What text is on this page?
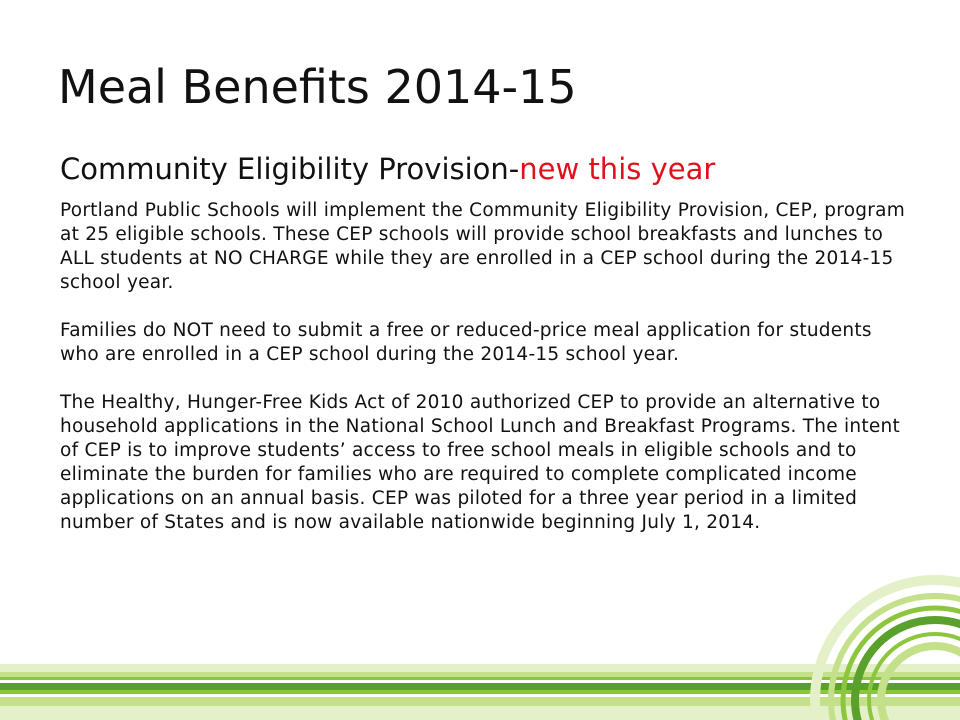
Meal Benefits 2014-15
Community Eligibility Provision-new this year

Portland Public Schools will implement the Community Eligibility Provision, CEP, program at 25 eligible schools. These CEP schools will provide school breakfasts and lunches to ALL students at NO CHARGE while they are enrolled in a CEP school during the 2014-15 school year.

Families do NOT need to submit a free or reduced-price meal application for students who are enrolled in a CEP school during the 2014-15 school year.

The Healthy, Hunger-Free Kids Act of 2010 authorized CEP to provide an alternative to household applications in the National School Lunch and Breakfast Programs. The intent of CEP is to improve students’ access to free school meals in eligible schools and to eliminate the burden for families who are required to complete complicated income applications on an annual basis. CEP was piloted for a three year period in a limited number of States and is now available nationwide beginning July 1, 2014.
